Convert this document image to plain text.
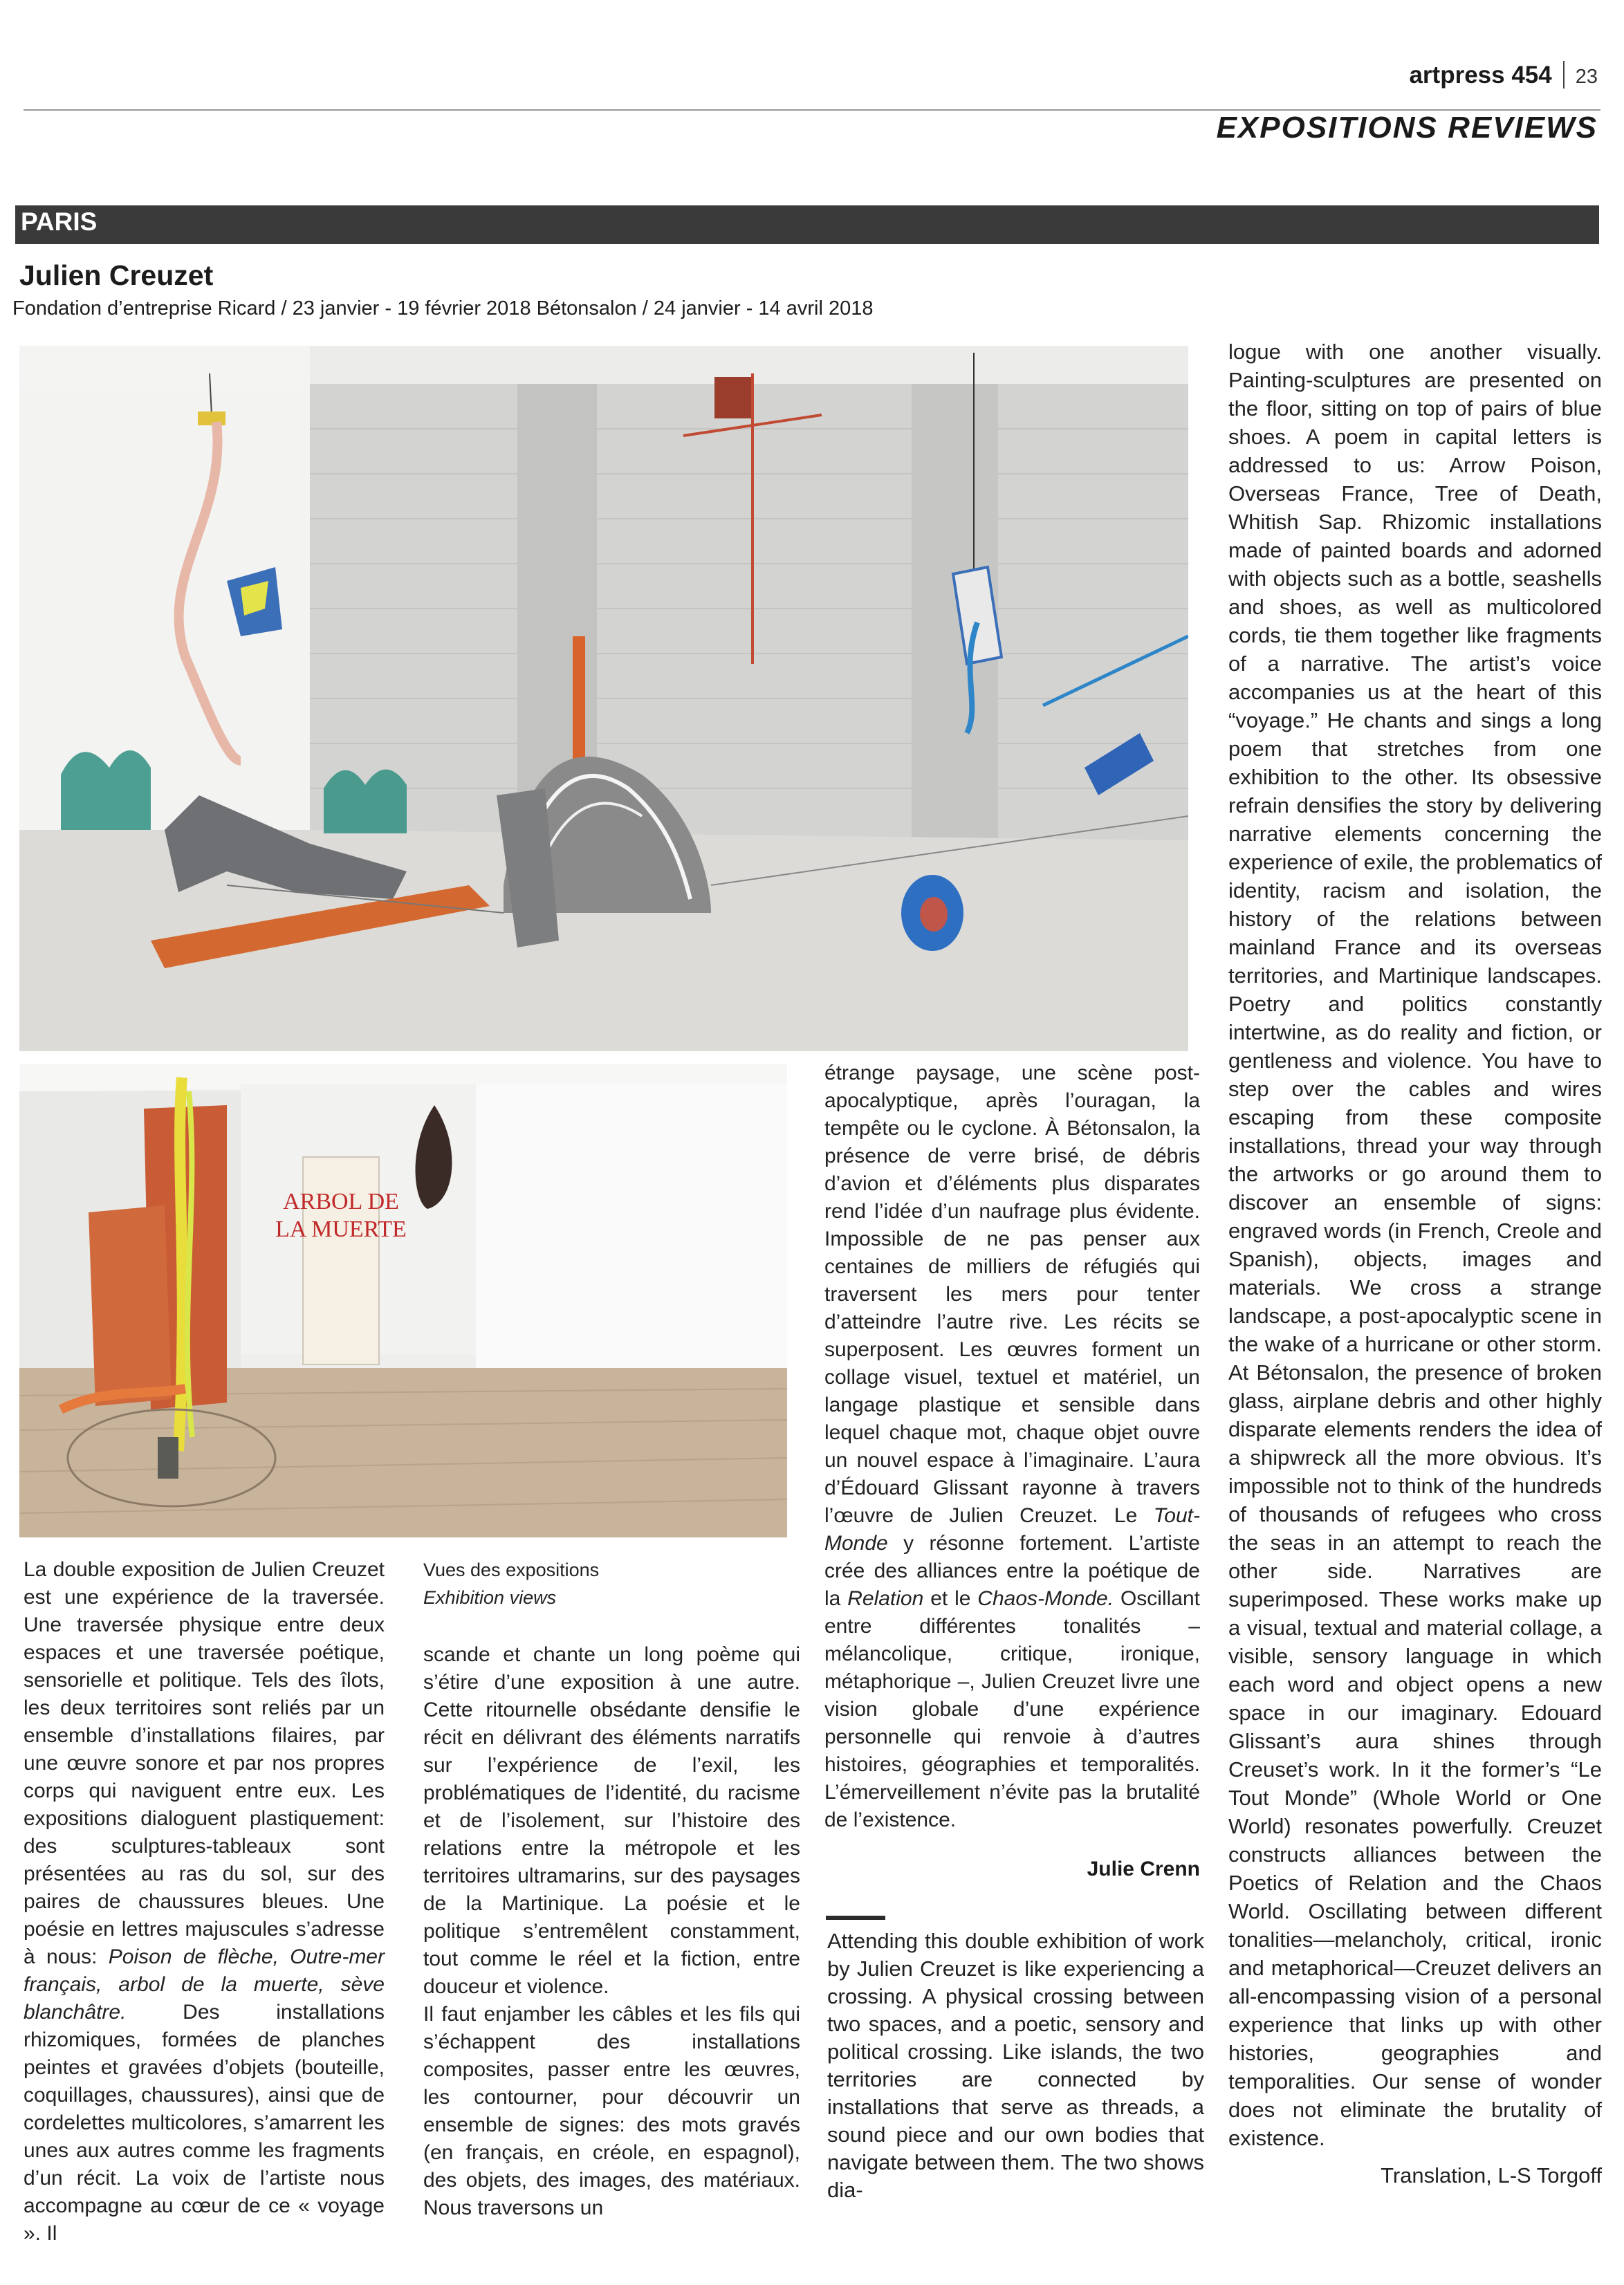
artpress 454 23
EXPOSITIONS REVIEWS
PARIS
Julien Creuzet
Fondation d’entreprise Ricard / 23 janvier - 19 février 2018 Bétonsalon / 24 janvier - 14 avril 2018
ARBOL DE
LA MUERTE

La double exposition de Julien Creuzet est une expérience de la traversée. Une traversée physique entre deux espaces et une traversée poétique, sensorielle et politique. Tels des îlots, les deux territoires sont reliés par un ensemble d’installations filaires, par une œuvre sonore et par nos propres corps qui naviguent entre eux. Les expositions dialoguent plastiquement: des sculptures-tableaux sont présentées au ras du sol, sur des paires de chaussures bleues. Une poésie en lettres majuscules s’adresse à nous: Poison de flèche, Outre-mer français, arbol de la muerte, sève blanchâtre.	Des installations rhizomiques, formées de planches peintes et gravées d’objets (bouteille, coquillages, chaussures), ainsi que de cordelettes multicolores, s’amarrent les unes aux autres comme les fragments d’un récit. La voix de l’artiste nous accompagne au cœur de ce « voyage ». Il

Vues des expositions
Exhibition views

scande et chante un long poème qui s’étire d’une exposition à une autre. Cette ritournelle obsédante densifie le récit en délivrant des éléments narratifs sur l’expérience de l’exil, les problématiques de l’identité, du racisme et de l’isolement, sur l’histoire des relations entre la métropole et les territoires ultramarins, sur des paysages de la Martinique. La poésie et le politique s’entremêlent constamment, tout comme le réel et la fiction, entre douceur et violence.

Il faut enjamber les câbles et les fils qui s’échappent des installations composites, passer entre les œuvres, les contourner, pour découvrir un ensemble de signes: des mots gravés (en français, en créole, en espagnol), des objets, des images, des matériaux. Nous traversons un

étrange paysage, une scène post-apocalyptique, après l’ouragan, la tempête ou le cyclone. À Bétonsalon, la présence de verre brisé, de débris d’avion et d’éléments plus disparates rend l’idée d’un naufrage plus évidente. Impossible de ne pas penser aux centaines de milliers de réfugiés qui traversent les mers pour tenter d’atteindre l’autre rive. Les récits se superposent. Les œuvres forment un collage visuel, textuel et matériel, un langage plastique et sensible dans lequel chaque mot, chaque objet ouvre un nouvel espace à l’imaginaire. L’aura d’Édouard Glissant rayonne à travers l’œuvre de Julien Creuzet. Le Tout-Monde y résonne fortement. L’artiste crée des alliances entre la poétique de la Relation et le Chaos-Monde. Oscillant entre différentes tonalités – mélancolique, critique, ironique, métaphorique –, Julien Creuzet livre une vision globale d’une expérience personnelle qui renvoie à d’autres histoires, géographies et temporalités. L’émerveillement n’évite pas la brutalité de l’existence.

Julie Crenn

Attending this double exhibition of work by Julien Creuzet is like experiencing a crossing. A physical crossing between two spaces, and a poetic, sensory and political crossing. Like islands, the two territories are connected by installations that serve as threads, a sound piece and our own bodies that navigate between them. The two shows dia-

logue with one another visually. Painting-sculptures are presented on the floor, sitting on top of pairs of blue shoes. A poem in capital letters is addressed to us: Arrow Poison, Overseas France, Tree of Death, Whitish Sap. Rhizomic installations made of painted boards and adorned with objects such as a bottle, seashells and shoes, as well as multicolored cords, tie them together like fragments of a narrative. The artist’s voice accompanies us at the heart of this “voyage.” He chants and sings a long poem that stretches from one exhibition to the other. Its obsessive refrain densifies the story by delivering narrative elements concerning the experience of exile, the problematics of identity, racism and isolation, the history of the relations between mainland France and its overseas territories, and Martinique landscapes. Poetry and politics constantly intertwine, as do reality and fiction, or gentleness and violence. You have to step over the cables and wires escaping from these composite installations, thread your way through the artworks or go around them to discover an ensemble of signs: engraved words (in French, Creole and Spanish), objects, images and materials. We cross a strange landscape, a post-apocalyptic scene in the wake of a hurricane or other storm. At Bétonsalon, the presence of broken glass, airplane debris and other highly disparate elements renders the idea of a shipwreck all the more obvious. It’s impossible not to think of the hundreds of thousands of refugees who cross the seas in an attempt to reach the other side. Narratives are superimposed. These works make up a visual, textual and material collage, a visible, sensory language in which each word and object opens a new space in our imaginary. Edouard Glissant’s aura shines through Creuset’s work. In it the former’s “Le Tout Monde” (Whole World or One World) resonates powerfully. Creuzet constructs alliances between the Poetics of Relation and the Chaos World. Oscillating between different tonalities—melancholy, critical, ironic and metaphorical—Creuzet delivers an all-encompassing vision of a personal experience that links up with other histories, geographies and temporalities. Our sense of wonder does not eliminate the brutality of existence.

Translation, L-S Torgoff
